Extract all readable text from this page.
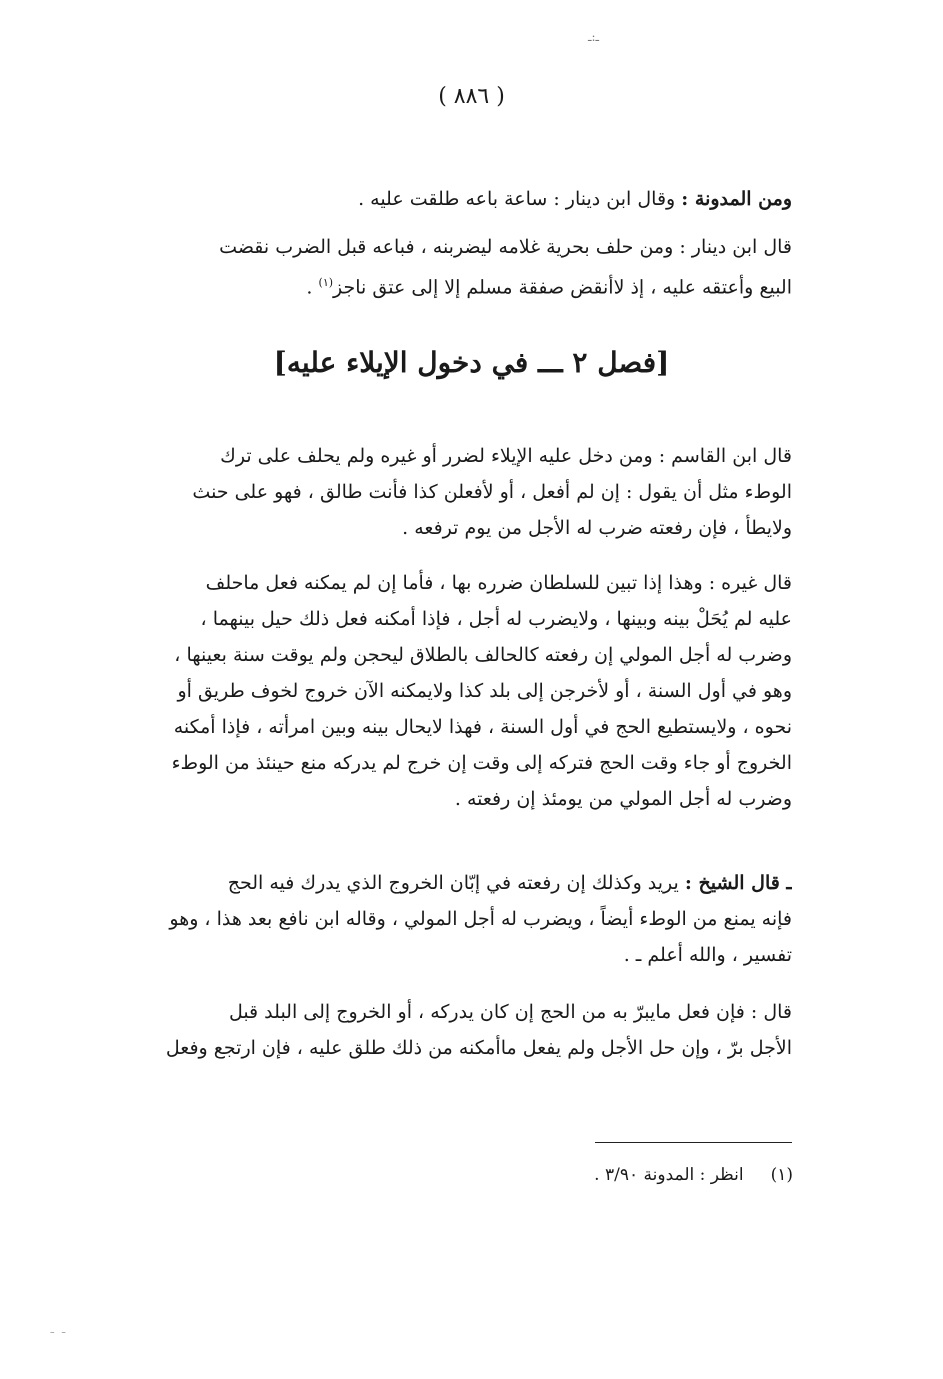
ـ:ـ
( ٨٨٦ )

ومن المدونة : وقال ابن دينار : ساعة باعه طلقت عليه .

قال ابن دينار : ومن حلف بحرية غلامه ليضربنه ، فباعه قبل الضرب نقضت
البيع وأعتقه عليه ، إذ لاأنقض صفقة مسلم إلا إلى عتق ناجز$^{(١)}$ .

[فصل ٢ ـــ في دخول الإيلاء عليه]

قال ابن القاسم : ومن دخل عليه الإيلاء لضرر أو غيره ولم يحلف على ترك
الوطء مثل أن يقول : إن لم أفعل ، أو لأفعلن كذا فأنت طالق ، فهو على حنث
ولايطأ ، فإن رفعته ضرب له الأجل من يوم ترفعه .

قال غيره : وهذا إذا تبين للسلطان ضرره بها ، فأما إن لم يمكنه فعل ماحلف
عليه لم يُحَلْ بينه وبينها ، ولايضرب له أجل ، فإذا أمكنه فعل ذلك حيل بينهما ،
وضرب له أجل المولي إن رفعته كالحالف بالطلاق ليحجن ولم يوقت سنة بعينها ،
وهو في أول السنة ، أو لأخرجن إلى بلد كذا ولايمكنه الآن خروج لخوف طريق أو
نحوه ، ولايستطيع الحج في أول السنة ، فهذا لايحال بينه وبين امرأته ، فإذا أمكنه
الخروج أو جاء وقت الحج فتركه إلى وقت إن خرج لم يدركه منع حينئذ من الوطء
وضرب له أجل المولي من يومئذ إن رفعته .

ـ قال الشيخ : يريد وكذلك إن رفعته في إبّان الخروج الذي يدرك فيه الحج
فإنه يمنع من الوطء أيضاً ، ويضرب له أجل المولي ، وقاله ابن نافع بعد هذا ، وهو
تفسير ، والله أعلم ـ .

قال : فإن فعل مايبرّ به من الحج إن كان يدركه ، أو الخروج إلى البلد قبل
الأجل برّ ، وإن حل الأجل ولم يفعل ماأمكنه من ذلك طلق عليه ، فإن ارتجع وفعل

(١)     انظر : المدونة ٣/٩٠ .
– –
